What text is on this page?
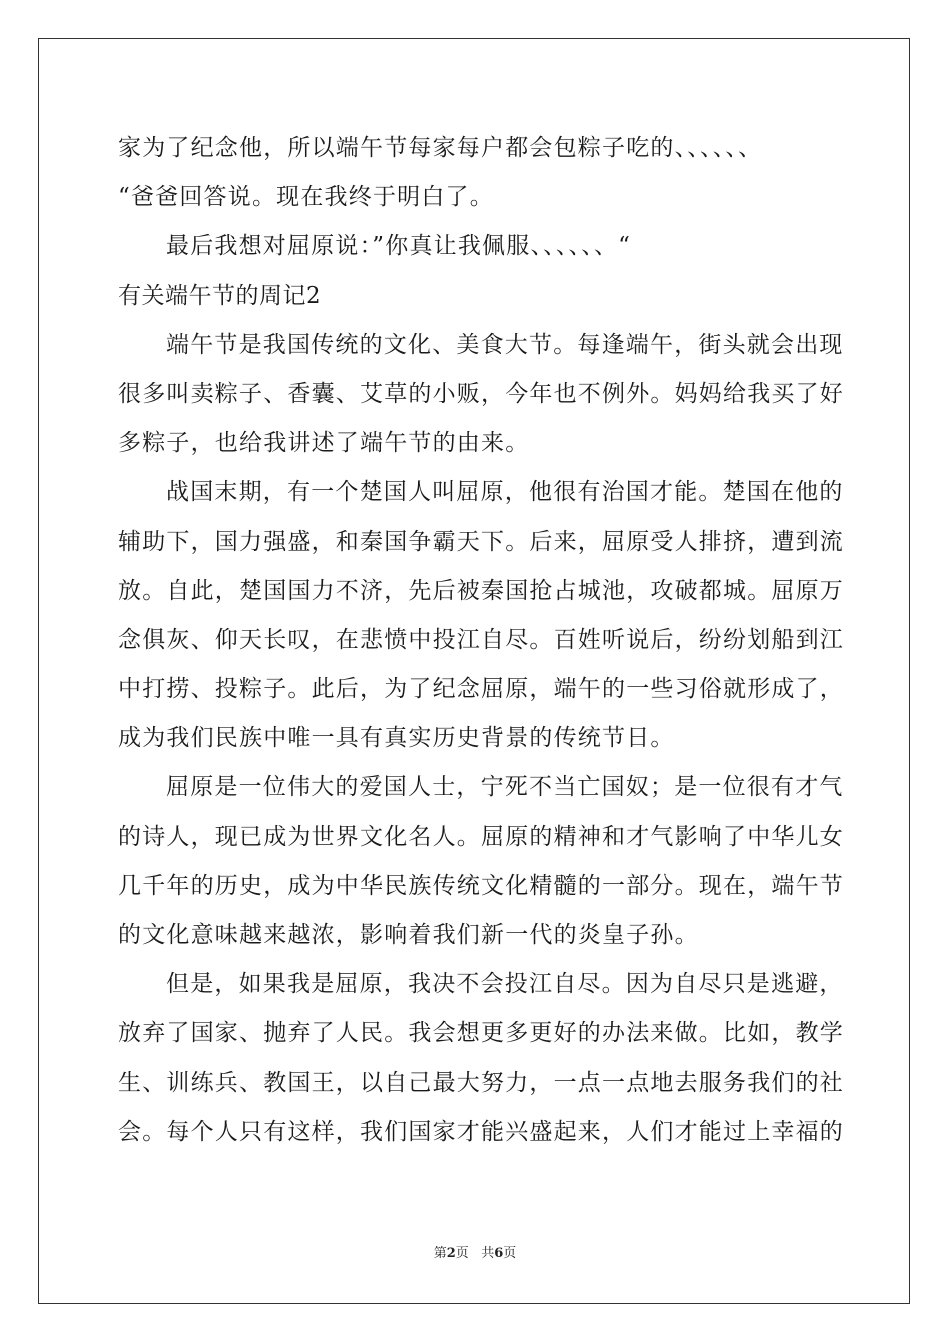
家为了纪念他，所以端午节每家每户都会包粽子吃的、、、、、、
“爸爸回答说。现在我终于明白了。
最后我想对屈原说：”你真让我佩服、、、、、、“
有关端午节的周记2
端午节是我国传统的文化、美食大节。每逢端午，街头就会出现
很多叫卖粽子、香囊、艾草的小贩，今年也不例外。妈妈给我买了好
多粽子，也给我讲述了端午节的由来。
战国末期，有一个楚国人叫屈原，他很有治国才能。楚国在他的
辅助下，国力强盛，和秦国争霸天下。后来，屈原受人排挤，遭到流
放。自此，楚国国力不济，先后被秦国抢占城池，攻破都城。屈原万
念俱灰、仰天长叹，在悲愤中投江自尽。百姓听说后，纷纷划船到江
中打捞、投粽子。此后，为了纪念屈原，端午的一些习俗就形成了，
成为我们民族中唯一具有真实历史背景的传统节日。
屈原是一位伟大的爱国人士，宁死不当亡国奴；是一位很有才气
的诗人，现已成为世界文化名人。屈原的精神和才气影响了中华儿女
几千年的历史，成为中华民族传统文化精髓的一部分。现在，端午节
的文化意味越来越浓，影响着我们新一代的炎皇子孙。
但是，如果我是屈原，我决不会投江自尽。因为自尽只是逃避，
放弃了国家、抛弃了人民。我会想更多更好的办法来做。比如，教学
生、训练兵、教国王，以自己最大努力，一点一点地去服务我们的社
会。每个人只有这样，我们国家才能兴盛起来，人们才能过上幸福的
第2页 共6页
